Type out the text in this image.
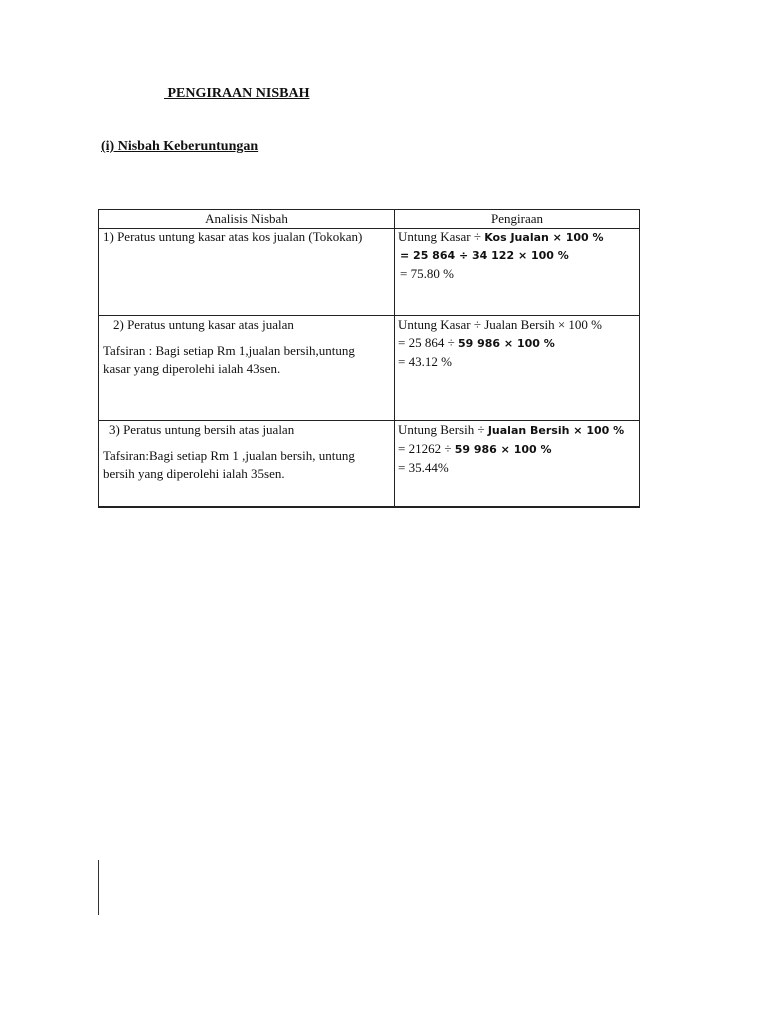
PENGIRAAN NISBAH
(i) Nisbah Keberuntungan
Analisis Nisbah	Pengiraan
1) Peratus untung kasar atas kos jualan (Tokokan)	Untung Kasar ÷ Kos Jualan × 100 %
= 25 864 ÷ 34 122 × 100 %
= 75.80 %
2) Peratus untung kasar atas jualan
Tafsiran : Bagi setiap Rm 1,jualan bersih,untung
kasar yang diperolehi ialah 43sen.
Untung Kasar ÷ Jualan Bersih × 100 %
= 25 864 ÷ 59 986 × 100 %
= 43.12 %
3) Peratus untung bersih atas jualan
Tafsiran:Bagi setiap Rm 1 ,jualan bersih, untung
bersih yang diperolehi ialah 35sen.
Untung Bersih ÷ Jualan Bersih × 100 %
= 21262 ÷ 59 986 × 100 %
= 35.44%
